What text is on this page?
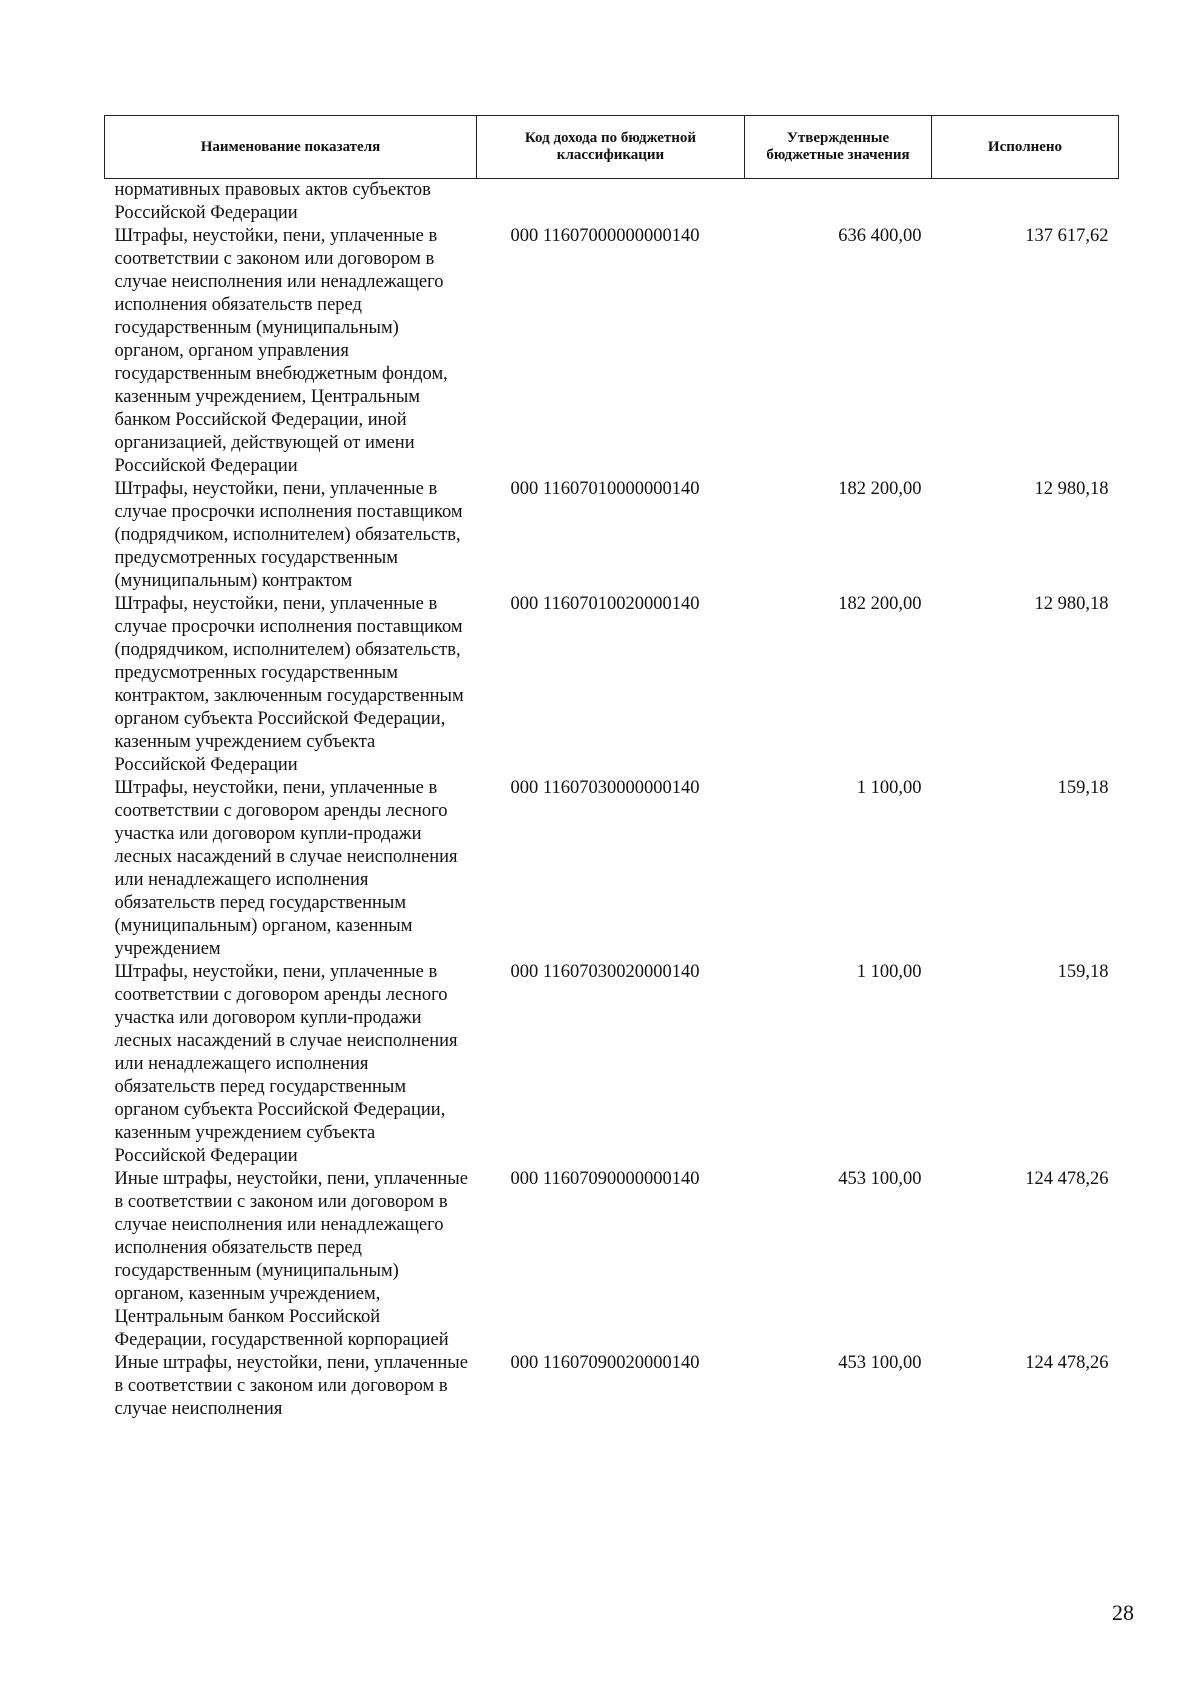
Наименование показателя	Код дохода по бюджетной классификации	Утвержденные бюджетные значения	Исполнено
нормативных правовых актов субъектов Российской Федерации			
Штрафы, неустойки, пени, уплаченные в соответствии с законом или договором в случае неисполнения или ненадлежащего исполнения обязательств перед государственным (муниципальным) органом, органом управления государственным внебюджетным фондом, казенным учреждением, Центральным банком Российской Федерации, иной организацией, действующей от имени Российской Федерации	000 11607000000000140	636 400,00	137 617,62
Штрафы, неустойки, пени, уплаченные в случае просрочки исполнения поставщиком (подрядчиком, исполнителем) обязательств, предусмотренных государственным (муниципальным) контрактом	000 11607010000000140	182 200,00	12 980,18
Штрафы, неустойки, пени, уплаченные в случае просрочки исполнения поставщиком (подрядчиком, исполнителем) обязательств, предусмотренных государственным контрактом, заключенным государственным органом субъекта Российской Федерации, казенным учреждением субъекта Российской Федерации	000 11607010020000140	182 200,00	12 980,18
Штрафы, неустойки, пени, уплаченные в соответствии с договором аренды лесного участка или договором купли-продажи лесных насаждений в случае неисполнения или ненадлежащего исполнения обязательств перед государственным (муниципальным) органом, казенным учреждением	000 11607030000000140	1 100,00	159,18
Штрафы, неустойки, пени, уплаченные в соответствии с договором аренды лесного участка или договором купли-продажи лесных насаждений в случае неисполнения или ненадлежащего исполнения обязательств перед государственным органом субъекта Российской Федерации, казенным учреждением субъекта Российской Федерации	000 11607030020000140	1 100,00	159,18
Иные штрафы, неустойки, пени, уплаченные в соответствии с законом или договором в случае неисполнения или ненадлежащего исполнения обязательств перед государственным (муниципальным) органом, казенным учреждением, Центральным банком Российской Федерации, государственной корпорацией	000 11607090000000140	453 100,00	124 478,26
Иные штрафы, неустойки, пени, уплаченные в соответствии с законом или договором в случае неисполнения	000 11607090020000140	453 100,00	124 478,26
28
